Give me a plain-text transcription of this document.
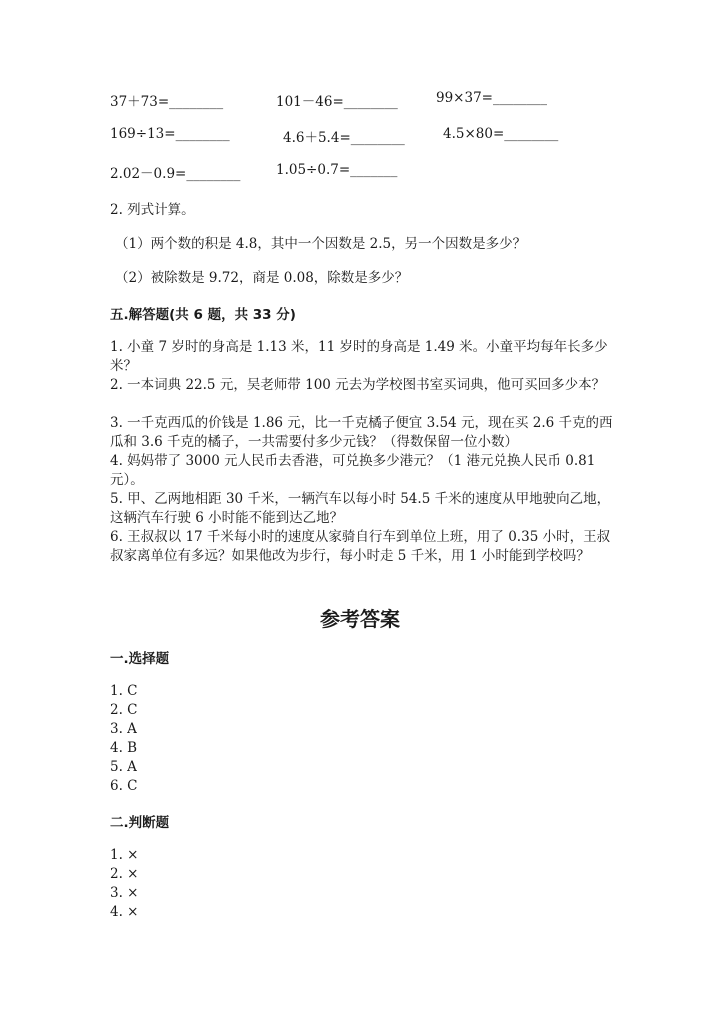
37＋73=________	101－46=________	99×37=________
169÷13=________	4.6＋5.4=________	4.5×80=________
2.02－0.9=________	1.05÷0.7=_______
2. 列式计算。
（1）两个数的积是 4.8，其中一个因数是 2.5，另一个因数是多少？
（2）被除数是 9.72，商是 0.08，除数是多少？
五.解答题(共 6 题，共 33 分)
1. 小童 7 岁时的身高是 1.13 米，11 岁时的身高是 1.49 米。小童平均每年长多少米？
2. 一本词典 22.5 元，吴老师带 100 元去为学校图书室买词典，他可买回多少本？
3. 一千克西瓜的价钱是 1.86 元，比一千克橘子便宜 3.54 元，现在买 2.6 千克的西瓜和 3.6 千克的橘子，一共需要付多少元钱？（得数保留一位小数）
4. 妈妈带了 3000 元人民币去香港，可兑换多少港元？（1 港元兑换人民币 0.81 元）。
5. 甲、乙两地相距 30 千米，一辆汽车以每小时 54.5 千米的速度从甲地驶向乙地，这辆汽车行驶 6 小时能不能到达乙地？
6. 王叔叔以 17 千米每小时的速度从家骑自行车到单位上班，用了 0.35 小时，王叔叔家离单位有多远？如果他改为步行，每小时走 5 千米，用 1 小时能到学校吗？
参考答案
一.选择题
1. C
2. C
3. A
4. B
5. A
6. C
二.判断题
1. ×
2. ×
3. ×
4. ×
